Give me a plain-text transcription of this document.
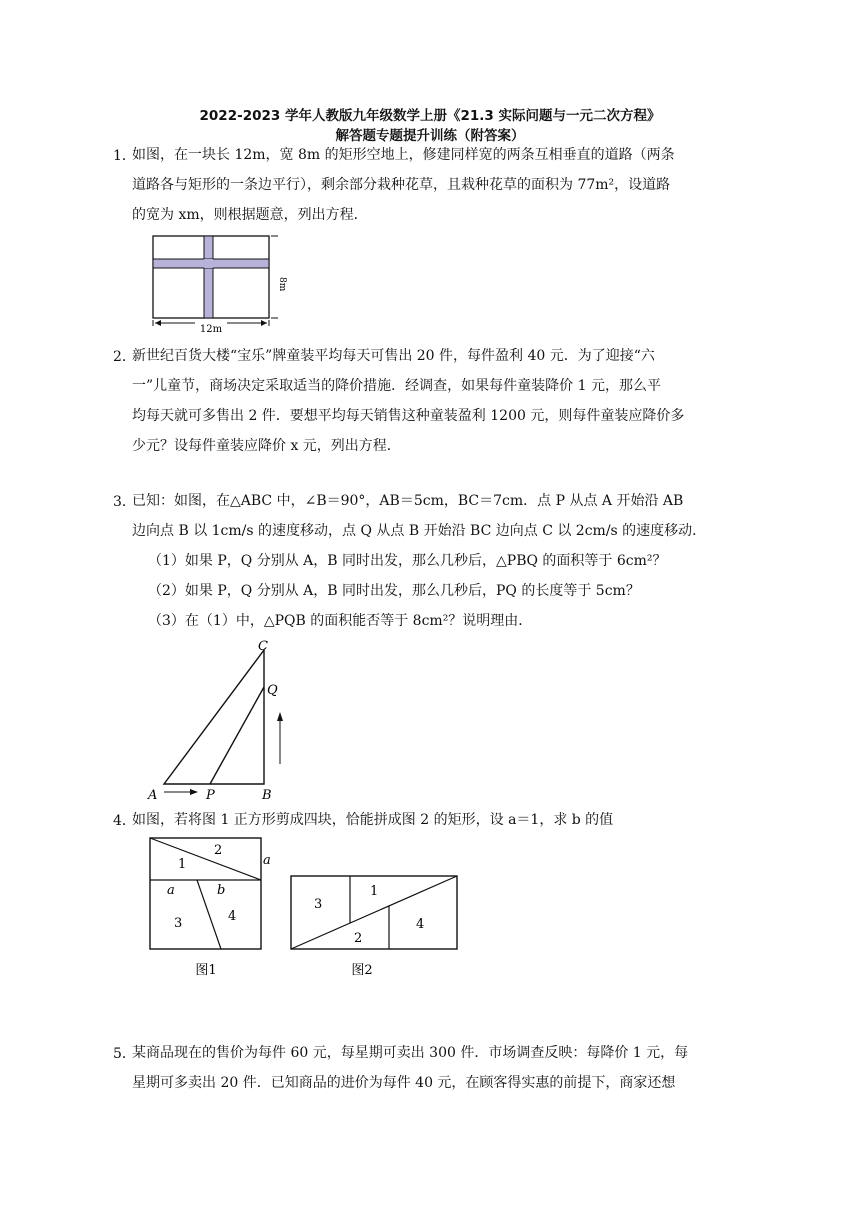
2022-2023 学年人教版九年级数学上册《21.3 实际问题与一元二次方程》
解答题专题提升训练（附答案）
1．
如图，在一块长 12m，宽 8m 的矩形空地上，修建同样宽的两条互相垂直的道路（两条
道路各与矩形的一条边平行），剩余部分栽种花草，且栽种花草的面积为 77m²，设道路
的宽为 xm，则根据题意，列出方程．
12m
8m
2．
新世纪百货大楼“宝乐”牌童装平均每天可售出 20 件，每件盈利 40 元．为了迎接“六
一”儿童节，商场决定采取适当的降价措施．经调查，如果每件童装降价 1 元，那么平
均每天就可多售出 2 件．要想平均每天销售这种童装盈利 1200 元，则每件童装应降价多
少元？设每件童装应降价 x 元，列出方程．
3．
已知：如图，在△ABC 中，∠B＝90°，AB＝5cm，BC＝7cm．点 P 从点 A 开始沿 AB
边向点 B 以 1cm/s 的速度移动，点 Q 从点 B 开始沿 BC 边向点 C 以 2cm/s 的速度移动．
（1）如果 P，Q 分别从 A，B 同时出发，那么几秒后，△PBQ 的面积等于 6cm²？
（2）如果 P，Q 分别从 A，B 同时出发，那么几秒后，PQ 的长度等于 5cm？
（3）在（1）中，△PQB 的面积能否等于 8cm²？说明理由．
C
Q
A	P	B
4．
如图，若将图 1 正方形剪成四块，恰能拼成图 2 的矩形，设 a＝1，求 b 的值
1
2
3	4
a
a	b
图1
3
1
2
4
图2
5．
某商品现在的售价为每件 60 元，每星期可卖出 300 件．市场调查反映：每降价 1 元，每
星期可多卖出 20 件．已知商品的进价为每件 40 元，在顾客得实惠的前提下，商家还想
